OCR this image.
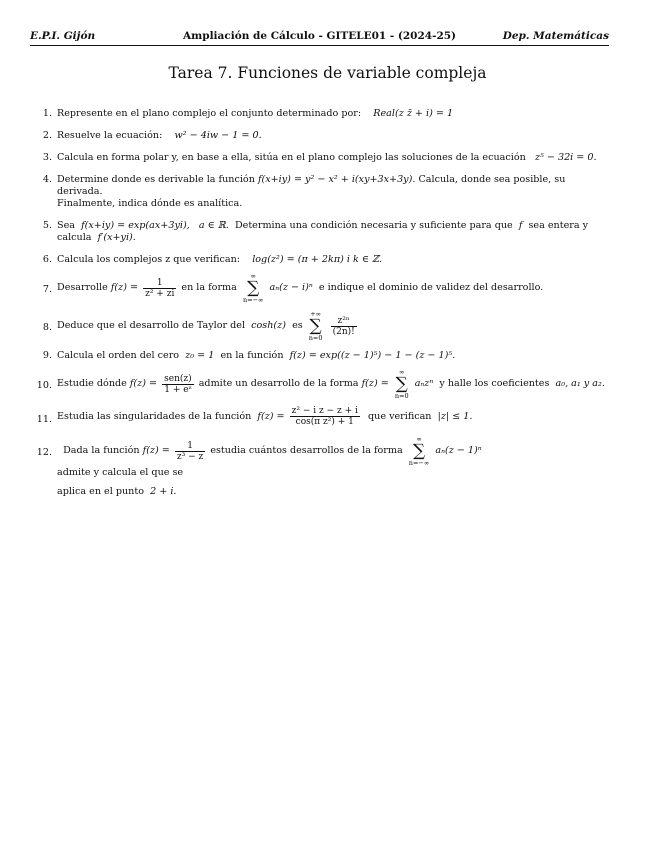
E.P.I. Gijón	Ampliación de Cálculo - GITELE01 - (2024-25)	Dep. Matemáticas
Tarea 7. Funciones de variable compleja
1. Represente en el plano complejo el conjunto determinado por: Real(z z̄ + i) = 1
2. Resuelve la ecuación: w² − 4iw − 1 = 0.
3. Calcula en forma polar y, en base a ella, sitúa en el plano complejo las soluciones de la ecuación z⁵ − 32i = 0.
4. Determine donde es derivable la función f(x+iy) = y² − x² + i(xy+3x+3y). Calcula, donde sea posible, su derivada.
Finalmente, indica dónde es analítica.
5. Sea f(x+iy) = exp(ax+3yi), a ∈ ℝ. Determina una condición necesaria y suficiente para que f sea entera y
calcula f′(x+yi).
6. Calcula los complejos z que verifican: log(z²) = (π + 2kπ) i k ∈ ℤ.
7. Desarrolle $f(z) = \frac{1}{\text{z² + zi}}$ en la forma
∞
∑
n=−∞
aₙ(z − i)ⁿ e indique el dominio de validez del desarrollo.
8. Deduce que el desarrollo de Taylor del cosh(z) es
+∞
∑
n=0

$\frac{\text{z²ⁿ}}{(2n)!}$
9. Calcula el orden del cero z₀ = 1 en la función f(z) = exp((z − 1)⁵) − 1 − (z − 1)⁵.
10. Estudie dónde $f(z) = \frac{\text{sen(z)}}{\text{1 + eᶻ}}$ admite un desarrollo de la forma f(z) =
∞
∑
n=0
aₙzⁿ y halle los coeficientes a₀, a₁ y a₂.
11. Estudia las singularidades de la función $f(z) = \frac{\text{z² − i z − z + i}}{\text{cos(π z²) + 1}}$ que verifican |z| ≤ 1.
12. Dada la función $f(z) = \frac{1}{\text{z³ − z}}$ estudia cuántos desarrollos de la forma
∞
∑
n=−∞
aₙ(z − 1)ⁿ  admite y calcula el que se

aplica en el punto 2 + i.
